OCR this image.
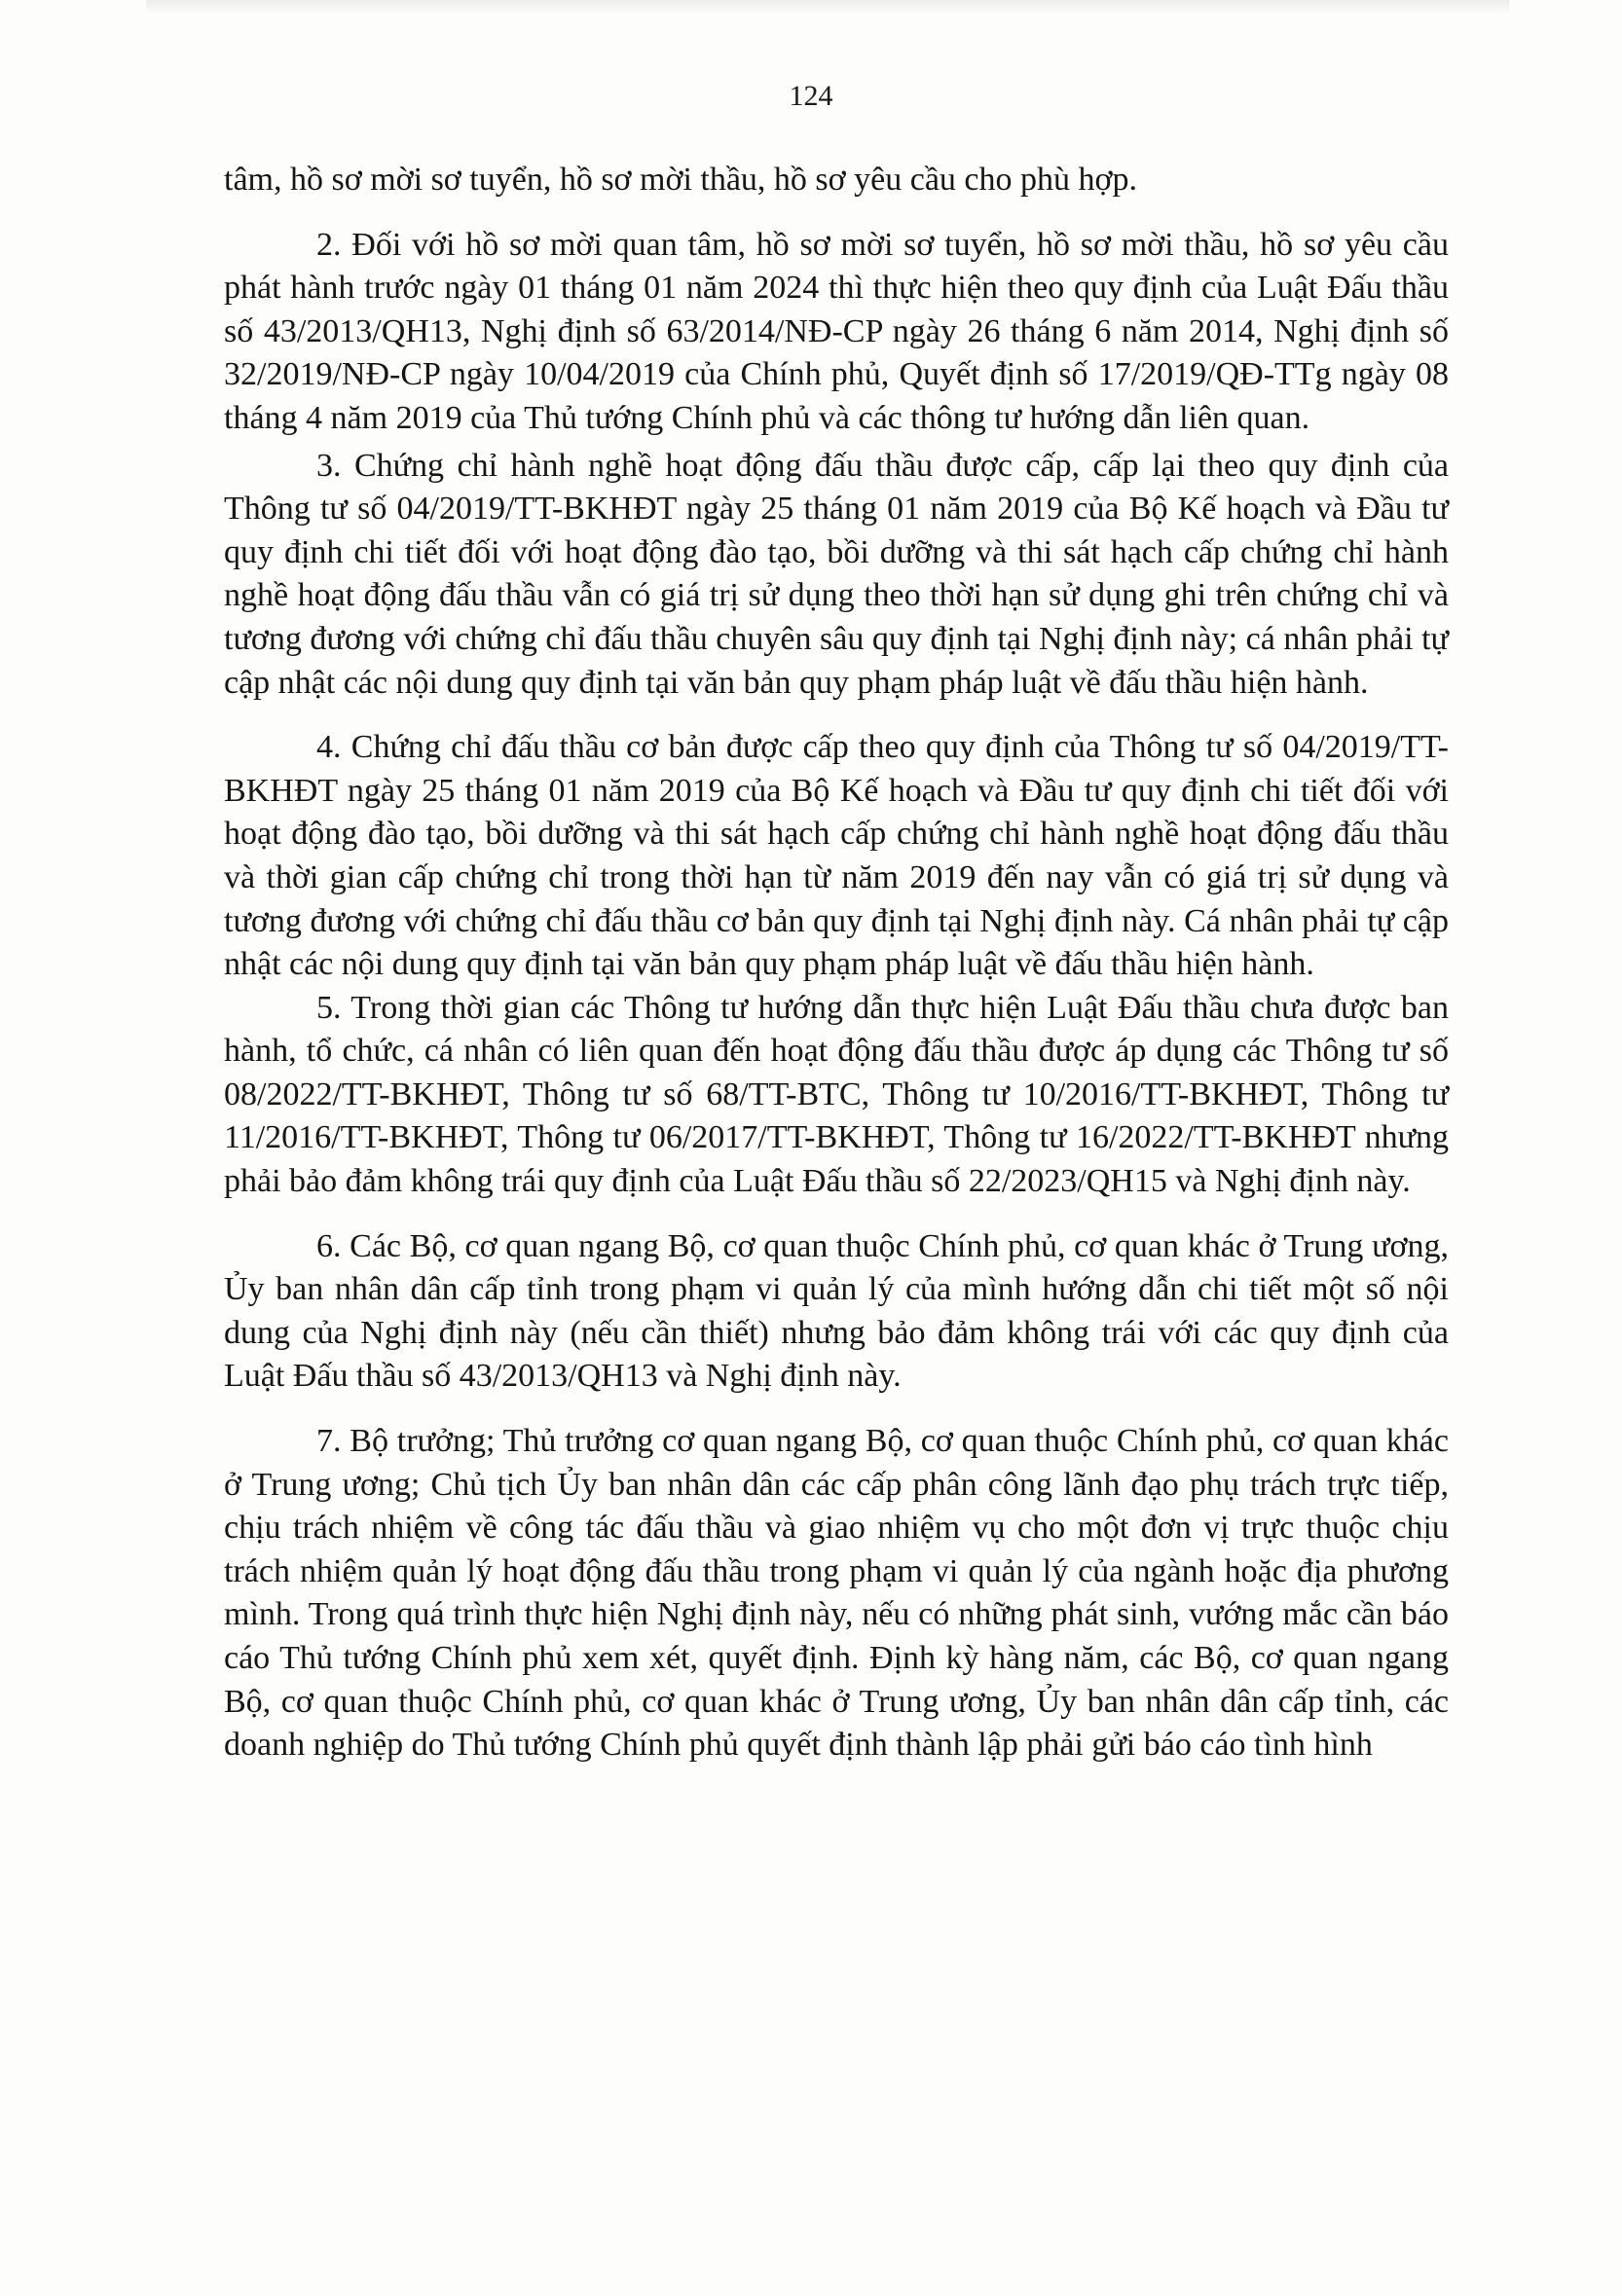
124

tâm, hồ sơ mời sơ tuyển, hồ sơ mời thầu, hồ sơ yêu cầu cho phù hợp.

2. Đối với hồ sơ mời quan tâm, hồ sơ mời sơ tuyển, hồ sơ mời thầu, hồ sơ yêu cầu phát hành trước ngày 01 tháng 01 năm 2024 thì thực hiện theo quy định của Luật Đấu thầu số 43/2013/QH13, Nghị định số 63/2014/NĐ-CP ngày 26 tháng 6 năm 2014, Nghị định số 32/2019/NĐ-CP ngày 10/04/2019 của Chính phủ, Quyết định số 17/2019/QĐ-TTg ngày 08 tháng 4 năm 2019 của Thủ tướng Chính phủ và các thông tư hướng dẫn liên quan.

3. Chứng chỉ hành nghề hoạt động đấu thầu được cấp, cấp lại theo quy định của Thông tư số 04/2019/TT-BKHĐT ngày 25 tháng 01 năm 2019 của Bộ Kế hoạch và Đầu tư quy định chi tiết đối với hoạt động đào tạo, bồi dưỡng và thi sát hạch cấp chứng chỉ hành nghề hoạt động đấu thầu vẫn có giá trị sử dụng theo thời hạn sử dụng ghi trên chứng chỉ và tương đương với chứng chỉ đấu thầu chuyên sâu quy định tại Nghị định này; cá nhân phải tự cập nhật các nội dung quy định tại văn bản quy phạm pháp luật về đấu thầu hiện hành.

4. Chứng chỉ đấu thầu cơ bản được cấp theo quy định của Thông tư số 04/2019/TT-BKHĐT ngày 25 tháng 01 năm 2019 của Bộ Kế hoạch và Đầu tư quy định chi tiết đối với hoạt động đào tạo, bồi dưỡng và thi sát hạch cấp chứng chỉ hành nghề hoạt động đấu thầu và thời gian cấp chứng chỉ trong thời hạn từ năm 2019 đến nay vẫn có giá trị sử dụng và tương đương với chứng chỉ đấu thầu cơ bản quy định tại Nghị định này. Cá nhân phải tự cập nhật các nội dung quy định tại văn bản quy phạm pháp luật về đấu thầu hiện hành.

5. Trong thời gian các Thông tư hướng dẫn thực hiện Luật Đấu thầu chưa được ban hành, tổ chức, cá nhân có liên quan đến hoạt động đấu thầu được áp dụng các Thông tư số 08/2022/TT-BKHĐT, Thông tư số 68/TT-BTC, Thông tư 10/2016/TT-BKHĐT, Thông tư 11/2016/TT-BKHĐT, Thông tư 06/2017/TT-BKHĐT, Thông tư 16/2022/TT-BKHĐT nhưng phải bảo đảm không trái quy định của Luật Đấu thầu số 22/2023/QH15 và Nghị định này.

6. Các Bộ, cơ quan ngang Bộ, cơ quan thuộc Chính phủ, cơ quan khác ở Trung ương, Ủy ban nhân dân cấp tỉnh trong phạm vi quản lý của mình hướng dẫn chi tiết một số nội dung của Nghị định này (nếu cần thiết) nhưng bảo đảm không trái với các quy định của Luật Đấu thầu số 43/2013/QH13 và Nghị định này.

7. Bộ trưởng; Thủ trưởng cơ quan ngang Bộ, cơ quan thuộc Chính phủ, cơ quan khác ở Trung ương; Chủ tịch Ủy ban nhân dân các cấp phân công lãnh đạo phụ trách trực tiếp, chịu trách nhiệm về công tác đấu thầu và giao nhiệm vụ cho một đơn vị trực thuộc chịu trách nhiệm quản lý hoạt động đấu thầu trong phạm vi quản lý của ngành hoặc địa phương mình. Trong quá trình thực hiện Nghị định này, nếu có những phát sinh, vướng mắc cần báo cáo Thủ tướng Chính phủ xem xét, quyết định. Định kỳ hàng năm, các Bộ, cơ quan ngang Bộ, cơ quan thuộc Chính phủ, cơ quan khác ở Trung ương, Ủy ban nhân dân cấp tỉnh, các doanh nghiệp do Thủ tướng Chính phủ quyết định thành lập phải gửi báo cáo tình hình
